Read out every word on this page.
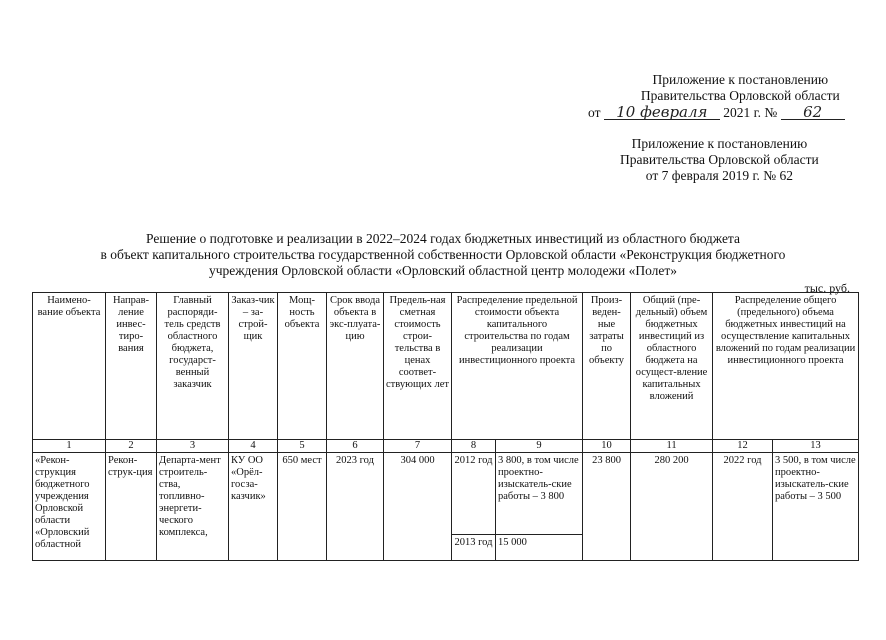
Приложение к постановлению
Правительства Орловской области
от 10 февраля 2021 г. № 62
Приложение к постановлению
Правительства Орловской области
от 7 февраля 2019 г. № 62
Решение о подготовке и реализации в 2022–2024 годах бюджетных инвестиций из областного бюджета
в объект капитального строительства государственной собственности Орловской области «Реконструкция бюджетного
учреждения Орловской области «Орловский областной центр молодежи «Полет»
тыс. руб.
Наимено-вание объекта	Направ-ление инвес-тиро-вания	Главный распоряди-тель средств областного бюджета, государст-венный заказчик	Заказ-чик – за-строй-щик	Мощ-ность объекта	Срок ввода объекта в экс-плуата-цию	Предель-ная сметная стоимость строи-тельства в ценах соответ-ствующих лет	Распределение предельной стоимости объекта капитального строительства по годам реализации инвестиционного проекта		Произ-веден-ные затраты по объекту	Общий (пре-дельный) объем бюджетных инвестиций из областного бюджета на осущест-вление капитальных вложений	Распределение общего (предельного) объема бюджетных инвестиций на осуществление капитальных вложений по годам реализации инвестиционного проекта	
1	2	3	4	5	6	7	8	9	10	11	12	13
«Рекон-струкция бюджетного учреждения Орловской области «Орловский областной	Рекон-струк-ция	Департа-мент строитель-ства, топливно-энергети-ческого комплекса,	КУ ОО «Орёл-госза-казчик»	650 мест	2023 год	304 000	2012 год	3 800, в том числе проектно-изыскатель-ские работы – 3 800	23 800	280 200	2022 год	3 500, в том числе проектно-изыскатель-ские работы – 3 500
							2013 год	15 000				
